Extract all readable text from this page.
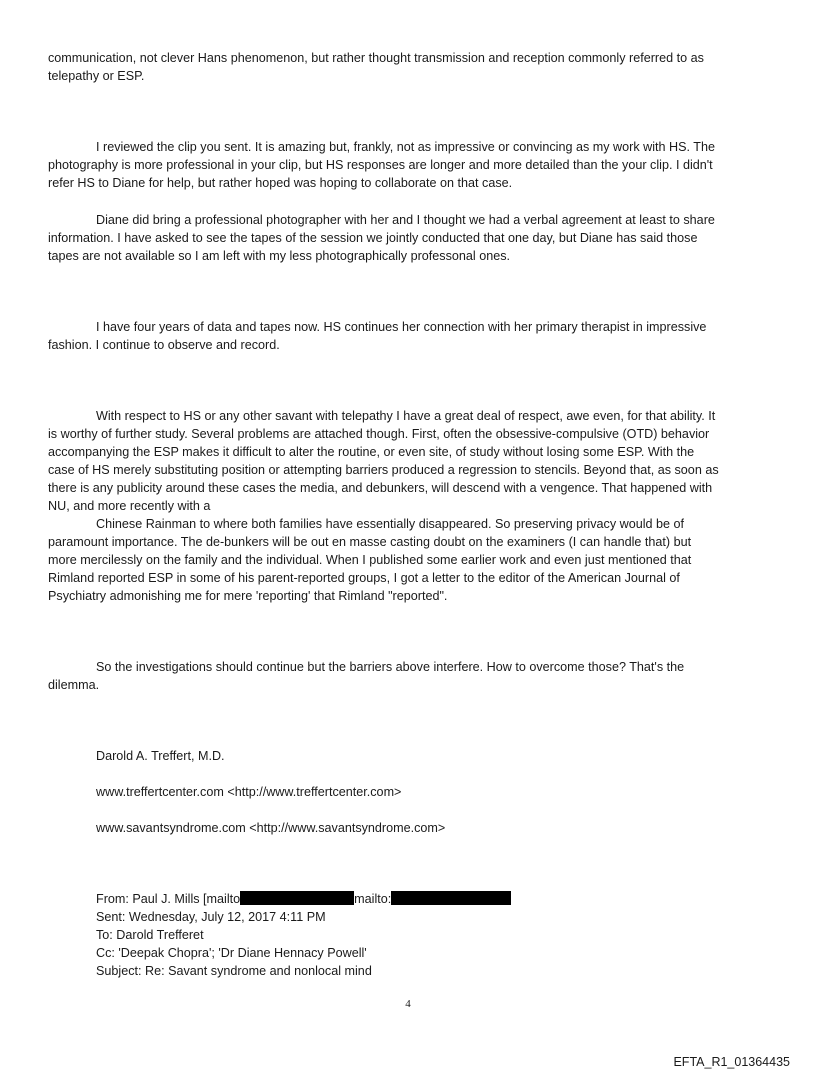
communication, not clever Hans phenomenon, but rather thought transmission and reception commonly referred to as
telepathy or ESP.
I reviewed the clip you sent. It is amazing but, frankly, not as impressive or convincing as my work with HS. The
photography is more professional in your clip, but HS responses are longer and more detailed than the your clip. I didn't
refer HS to Diane for help, but rather hoped was hoping to collaborate on that case.
Diane did bring a professional photographer with her and I thought we had a verbal agreement at least to share
information. I have asked to see the tapes of the session we jointly conducted that one day, but Diane has said those
tapes are not available so I am left with my less photographically professonal ones.
I have four years of data and tapes now. HS continues her connection with her primary therapist in impressive
fashion. I continue to observe and record.
With respect to HS or any other savant with telepathy I have a great deal of respect, awe even, for that ability. It
is worthy of further study. Several problems are attached though. First, often the obsessive-compulsive (OTD) behavior
accompanying the ESP makes it difficult to alter the routine, or even site, of study without losing some ESP. With the
case of HS merely substituting position or attempting barriers produced a regression to stencils. Beyond that, as soon as
there is any publicity around these cases the media, and debunkers, will descend with a vengence. That happened with
NU, and more recently with a
Chinese Rainman to where both families have essentially disappeared. So preserving privacy would be of
paramount importance. The de-bunkers will be out en masse casting doubt on the examiners (I can handle that) but
more mercilessly on the family and the individual. When I published some earlier work and even just mentioned that
Rimland reported ESP in some of his parent-reported groups, I got a letter to the editor of the American Journal of
Psychiatry admonishing me for mere 'reporting' that Rimland "reported".
So the investigations should continue but the barriers above interfere. How to overcome those? That's the
dilemma.
Darold A. Treffert, M.D.
www.treffertcenter.com <http://www.treffertcenter.com>
www.savantsyndrome.com <http://www.savantsyndrome.com>
From: Paul J. Mills [mailto	mailto:
Sent: Wednesday, July 12, 2017 4:11 PM
To: Darold Trefferet
Cc: 'Deepak Chopra'; 'Dr Diane Hennacy Powell'
Subject: Re: Savant syndrome and nonlocal mind
4
EFTA_R1_01364435
